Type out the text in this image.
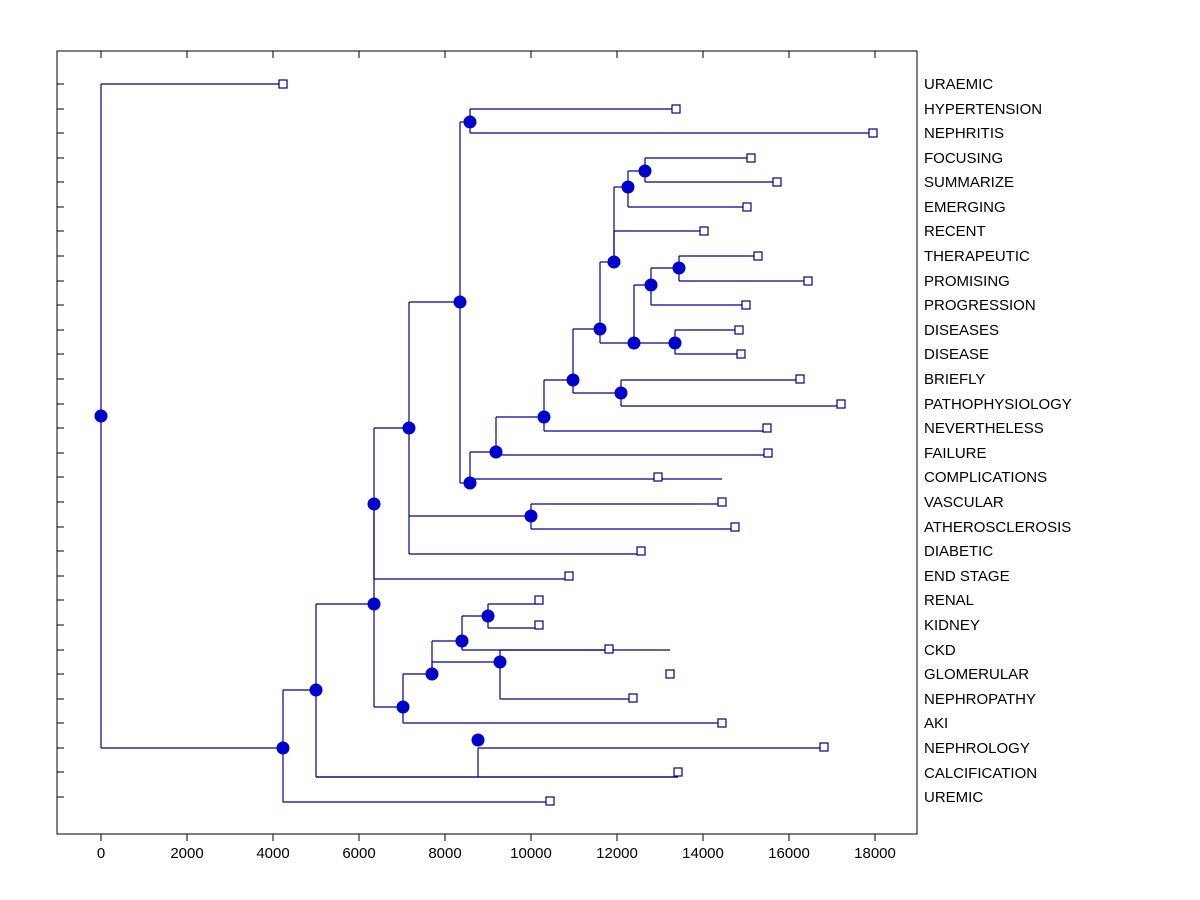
URAEMIC
HYPERTENSION
NEPHRITIS
FOCUSING
SUMMARIZE
EMERGING
RECENT
THERAPEUTIC
PROMISING
PROGRESSION
DISEASES
DISEASE
BRIEFLY
PATHOPHYSIOLOGY
NEVERTHELESS
FAILURE
COMPLICATIONS
VASCULAR
ATHEROSCLEROSIS
DIABETIC
END STAGE
RENAL
KIDNEY
CKD
GLOMERULAR
NEPHROPATHY
AKI
NEPHROLOGY
CALCIFICATION
UREMIC
0	2000	4000	6000	8000	10000	12000	14000	16000	18000
